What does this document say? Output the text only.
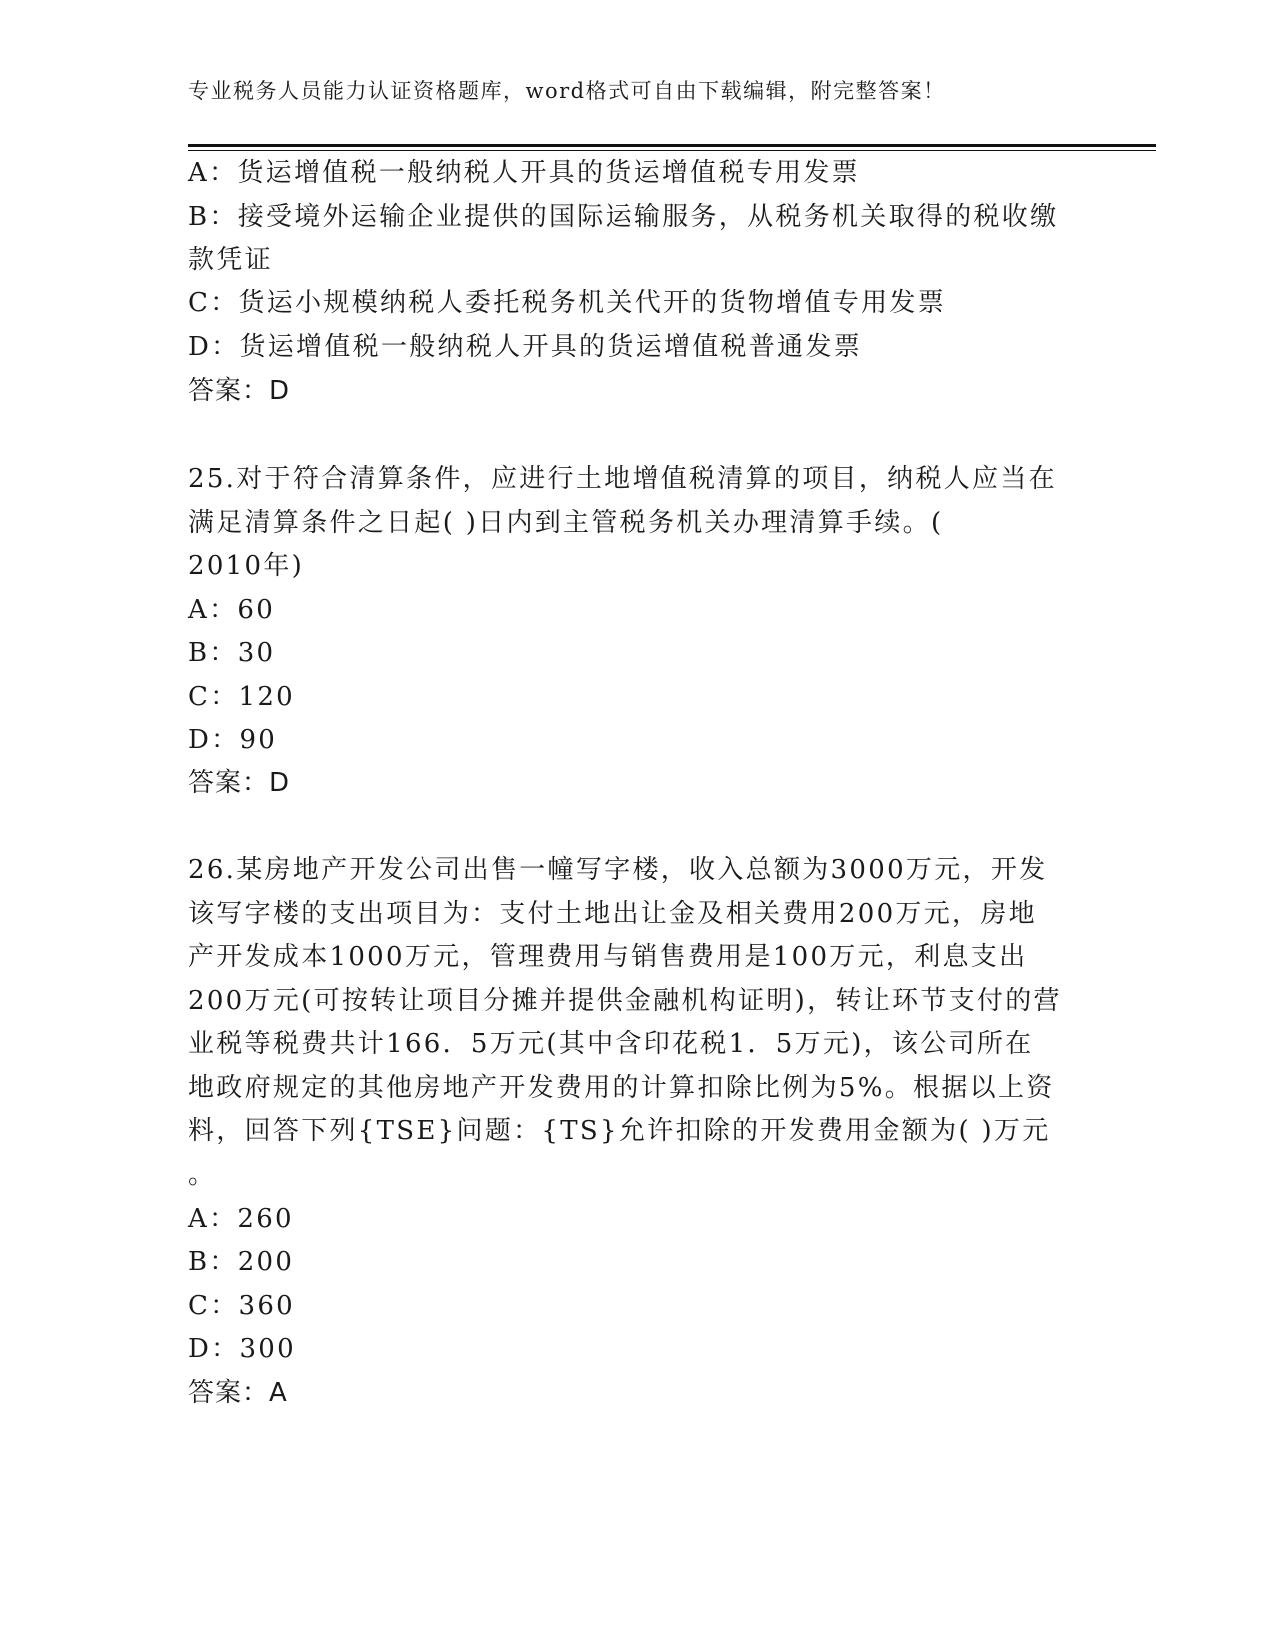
专业税务人员能力认证资格题库，word格式可自由下载编辑，附完整答案！
A：货运增值税一般纳税人开具的货运增值税专用发票
B：接受境外运输企业提供的国际运输服务，从税务机关取得的税收缴
款凭证
C：货运小规模纳税人委托税务机关代开的货物增值专用发票
D：货运增值税一般纳税人开具的货运增值税普通发票
答案：D
25.对于符合清算条件，应进行土地增值税清算的项目，纳税人应当在
满足清算条件之日起( )日内到主管税务机关办理清算手续。(
2010年)
A：60
B：30
C：120
D：90
答案：D
26.某房地产开发公司出售一幢写字楼，收入总额为3000万元，开发
该写字楼的支出项目为：支付土地出让金及相关费用200万元，房地
产开发成本1000万元，管理费用与销售费用是100万元，利息支出
200万元(可按转让项目分摊并提供金融机构证明)，转让环节支付的营
业税等税费共计166．5万元(其中含印花税1．5万元)，该公司所在
地政府规定的其他房地产开发费用的计算扣除比例为5%。根据以上资
料，回答下列{TSE}问题：{TS}允许扣除的开发费用金额为( )万元
。
A：260
B：200
C：360
D：300
答案：A
